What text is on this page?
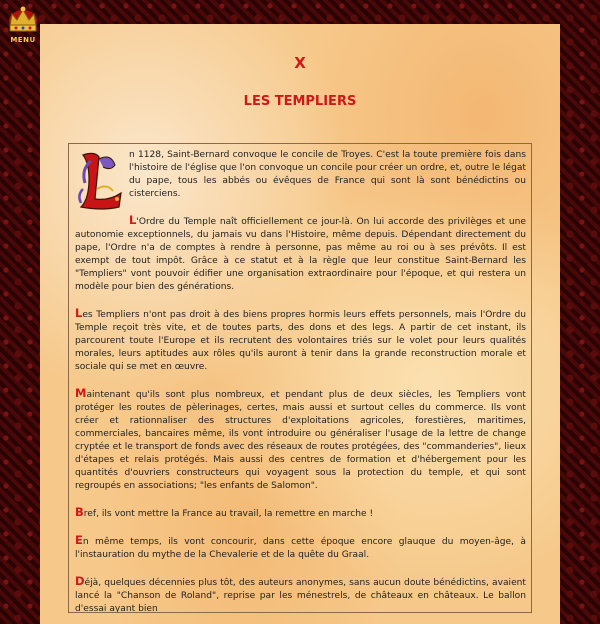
MENU
X
LES TEMPLIERS

n 1128, Saint-Bernard convoque le concile de Troyes. C'est la toute première fois dans l'histoire de l'église que l'on convoque un concile pour créer un ordre, et, outre le légat du pape, tous les abbés ou évêques de France qui sont là sont bénédictins ou cisterciens.

L'Ordre du Temple naît officiellement ce jour-là. On lui accorde des privilèges et une autonomie exceptionnels, du jamais vu dans l'Histoire, même depuis. Dépendant directement du pape, l'Ordre n'a de comptes à rendre à personne, pas même au roi ou à ses prévôts. Il est exempt de tout impôt. Grâce à ce statut et à la règle que leur constitue Saint-Bernard les "Templiers" vont pouvoir édifier une organisation extraordinaire pour l'époque, et qui restera un modèle pour bien des générations.

Les Templiers n'ont pas droit à des biens propres hormis leurs effets personnels, mais l'Ordre du Temple reçoit très vite, et de toutes parts, des dons et des legs. A partir de cet instant, ils parcourent toute l'Europe et ils recrutent des volontaires triés sur le volet pour leurs qualités morales, leurs aptitudes aux rôles qu'ils auront à tenir dans la grande reconstruction morale et sociale qui se met en œuvre.

Maintenant qu'ils sont plus nombreux, et pendant plus de deux siècles, les Templiers vont protéger les routes de pèlerinages, certes, mais aussi et surtout celles du commerce. Ils vont créer et rationnaliser des structures d'exploitations agricoles, forestières, maritimes, commerciales, bancaires même, ils vont introduire ou généraliser l'usage de la lettre de change cryptée et le transport de fonds avec des réseaux de routes protégées, des "commanderies", lieux d'étapes et relais protégés. Mais aussi des centres de formation et d'hébergement pour les quantités d'ouvriers constructeurs qui voyagent sous la protection du temple, et qui sont regroupés en associations; "les enfants de Salomon".

Bref, ils vont mettre la France au travail, la remettre en marche !

En même temps, ils vont concourir, dans cette époque encore glauque du moyen-âge, à l'instauration du mythe de la Chevalerie et de la quête du Graal.

Déjà, quelques décennies plus tôt, des auteurs anonymes, sans aucun doute bénédictins, avaient lancé la "Chanson de Roland", reprise par les ménestrels, de châteaux en châteaux. Le ballon d'essai ayant bien
